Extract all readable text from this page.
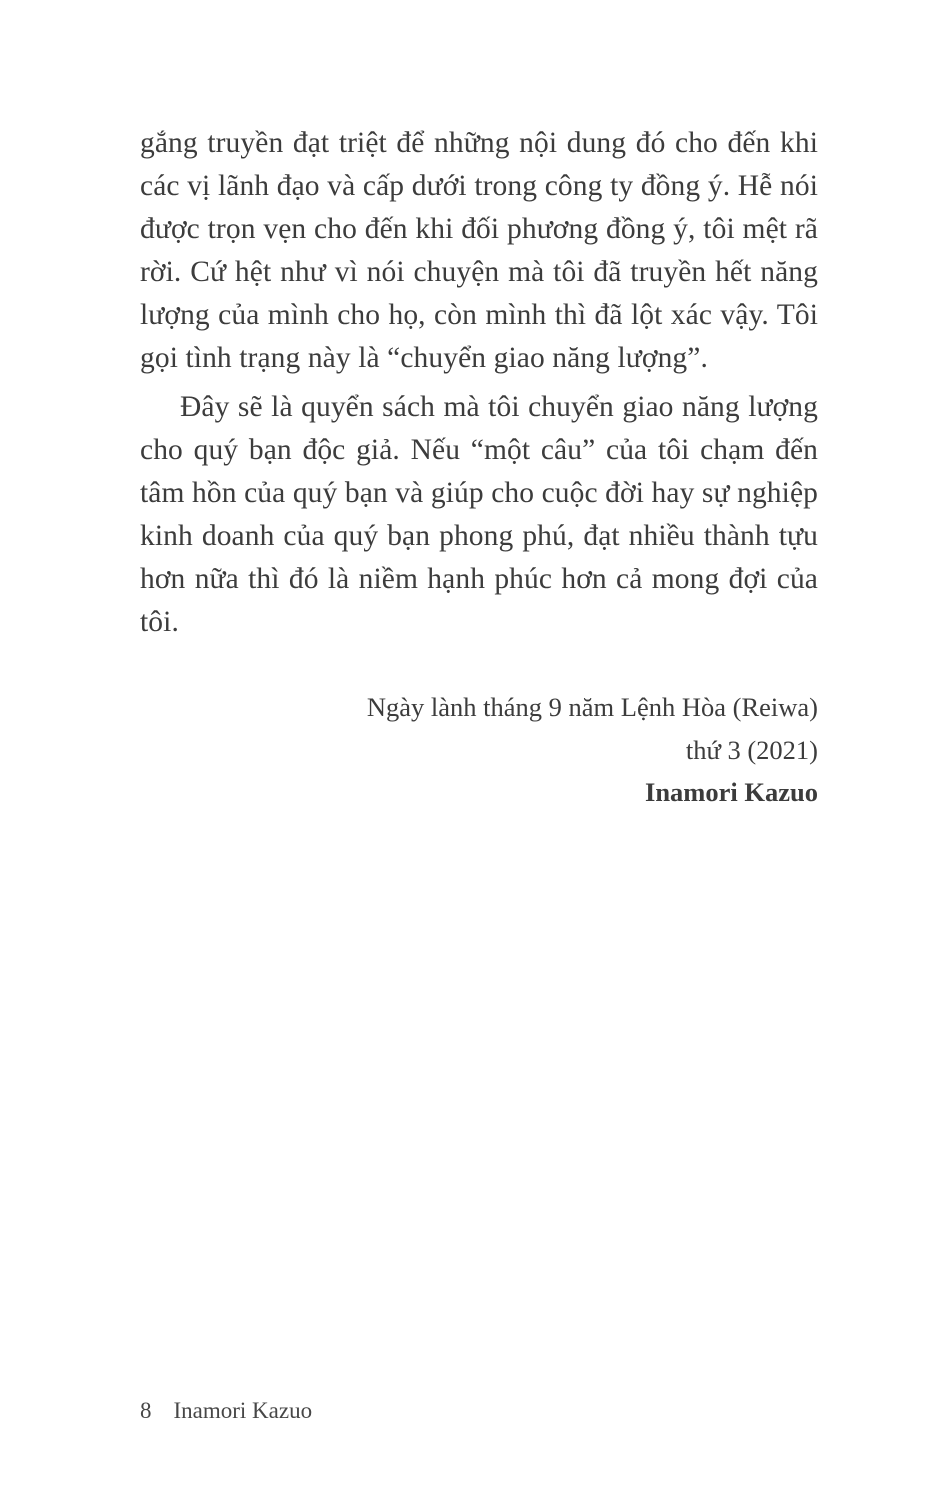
gắng truyền đạt triệt để những nội dung đó cho đến khi các vị lãnh đạo và cấp dưới trong công ty đồng ý. Hễ nói được trọn vẹn cho đến khi đối phương đồng ý, tôi mệt rã rời. Cứ hệt như vì nói chuyện mà tôi đã truyền hết năng lượng của mình cho họ, còn mình thì đã lột xác vậy. Tôi gọi tình trạng này là “chuyển giao năng lượng”.

Đây sẽ là quyển sách mà tôi chuyển giao năng lượng cho quý bạn độc giả. Nếu “một câu” của tôi chạm đến tâm hồn của quý bạn và giúp cho cuộc đời hay sự nghiệp kinh doanh của quý bạn phong phú, đạt nhiều thành tựu hơn nữa thì đó là niềm hạnh phúc hơn cả mong đợi của tôi.

Ngày lành tháng 9 năm Lệnh Hòa (Reiwa)
thứ 3 (2021)
Inamori Kazuo
8 Inamori Kazuo
